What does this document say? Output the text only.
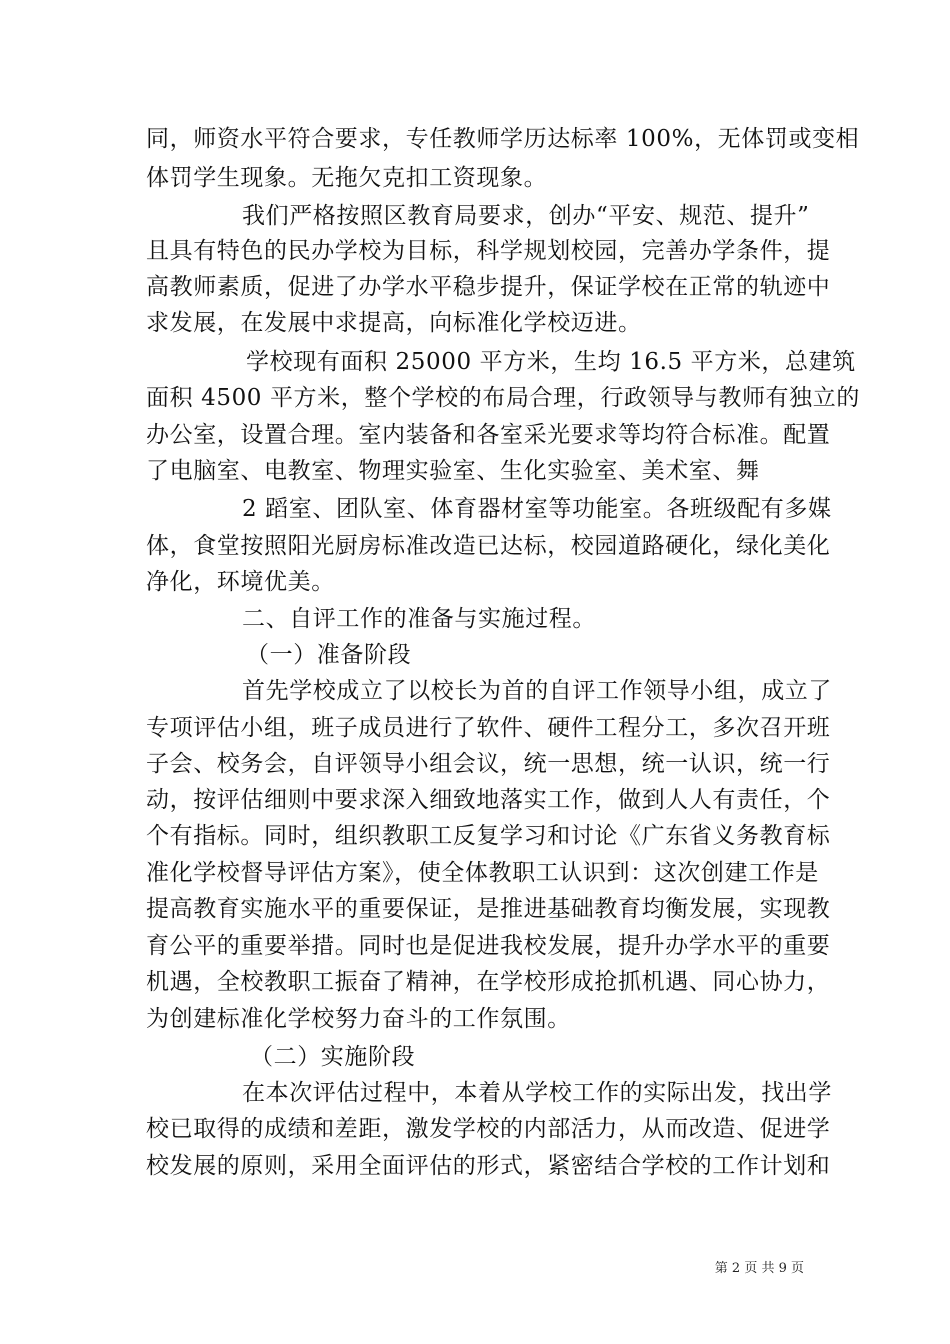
同，师资水平符合要求，专任教师学历达标率 100%，无体罚或变相
体罚学生现象。无拖欠克扣工资现象。
我们严格按照区教育局要求，创办“平安、规范、提升”
且具有特色的民办学校为目标，科学规划校园，完善办学条件，提
高教师素质，促进了办学水平稳步提升，保证学校在正常的轨迹中
求发展，在发展中求提高，向标准化学校迈进。
学校现有面积 25000 平方米，生均 16.5 平方米，总建筑
面积 4500 平方米，整个学校的布局合理，行政领导与教师有独立的
办公室，设置合理。室内装备和各室采光要求等均符合标准。配置
了电脑室、电教室、物理实验室、生化实验室、美术室、舞
2 蹈室、团队室、体育器材室等功能室。各班级配有多媒
体，食堂按照阳光厨房标准改造已达标，校园道路硬化，绿化美化
净化，环境优美。
二、自评工作的准备与实施过程。
（一）准备阶段
首先学校成立了以校长为首的自评工作领导小组，成立了
专项评估小组，班子成员进行了软件、硬件工程分工，多次召开班
子会、校务会，自评领导小组会议，统一思想，统一认识，统一行
动，按评估细则中要求深入细致地落实工作，做到人人有责任，个
个有指标。同时，组织教职工反复学习和讨论《广东省义务教育标
准化学校督导评估方案》，使全体教职工认识到：这次创建工作是
提高教育实施水平的重要保证，是推进基础教育均衡发展，实现教
育公平的重要举措。同时也是促进我校发展，提升办学水平的重要
机遇，全校教职工振奋了精神，在学校形成抢抓机遇、同心协力，
为创建标准化学校努力奋斗的工作氛围。
（二）实施阶段
在本次评估过程中，本着从学校工作的实际出发，找出学
校已取得的成绩和差距，激发学校的内部活力，从而改造、促进学
校发展的原则，采用全面评估的形式，紧密结合学校的工作计划和
第 2 页 共 9 页
